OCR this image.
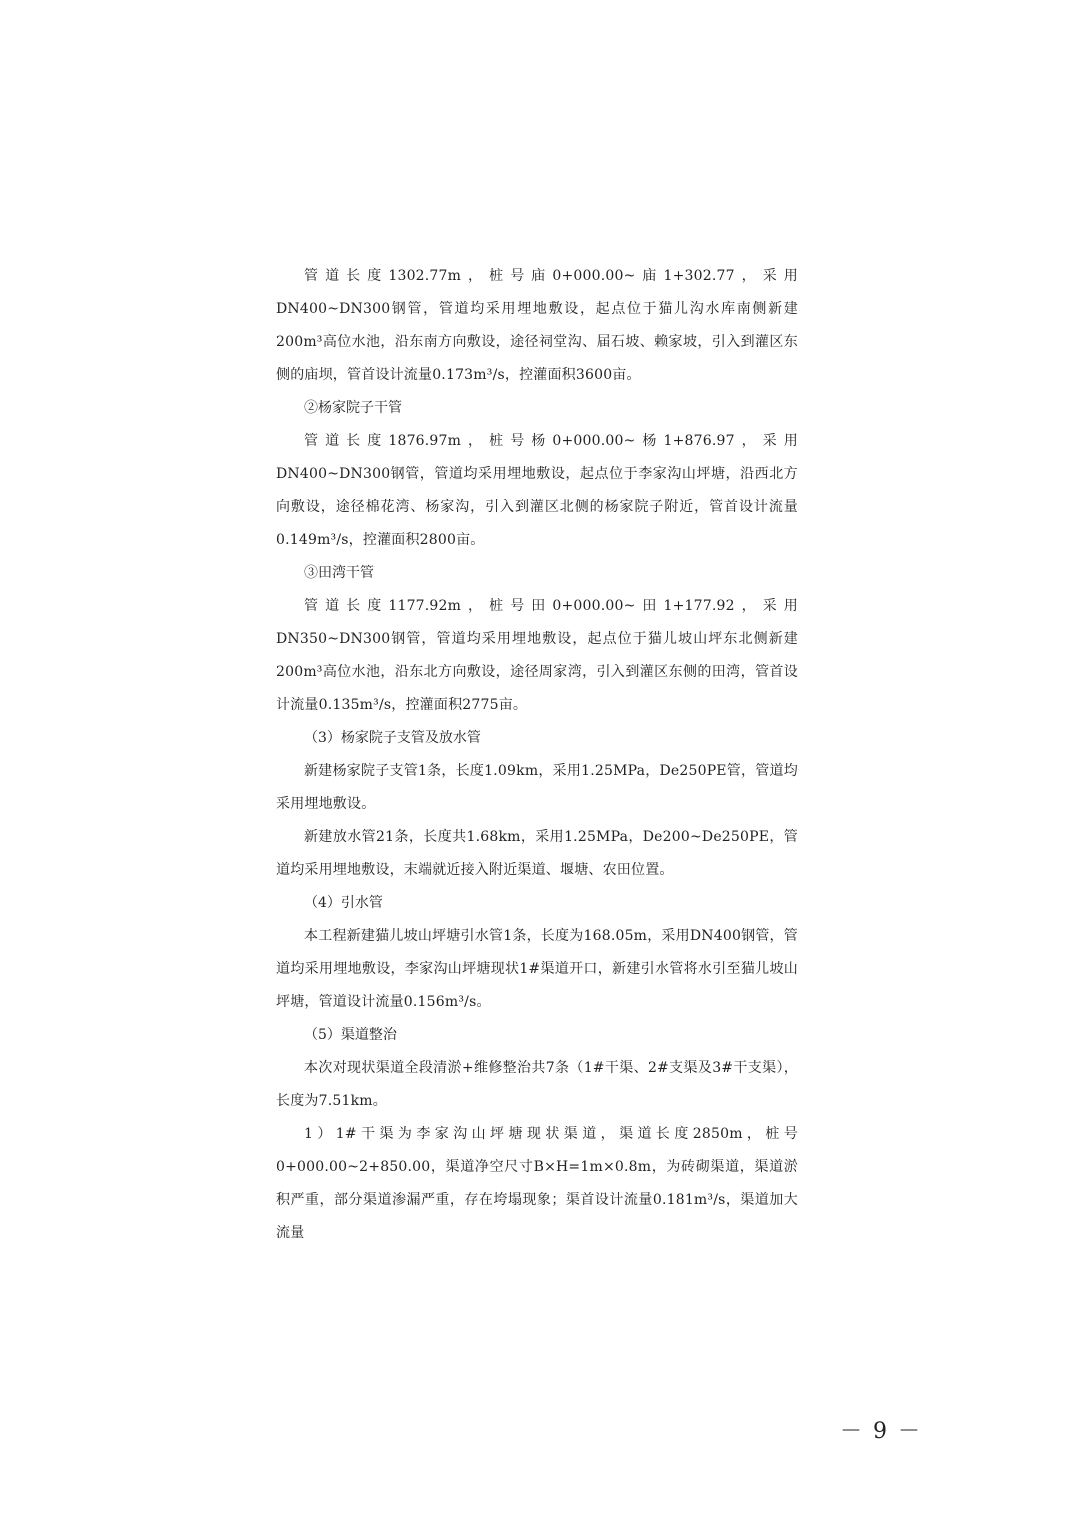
管道长度1302.77m，桩号庙0+000.00~庙1+302.77，采用DN400~DN300钢管，管道均采用埋地敷设，起点位于猫儿沟水库南侧新建200m³高位水池，沿东南方向敷设，途径祠堂沟、届石坡、赖家坡，引入到灌区东侧的庙坝，管首设计流量0.173m³/s，控灌面积3600亩。

②杨家院子干管

管道长度1876.97m，桩号杨0+000.00~杨1+876.97，采用DN400~DN300钢管，管道均采用埋地敷设，起点位于李家沟山坪塘，沿西北方向敷设，途径棉花湾、杨家沟，引入到灌区北侧的杨家院子附近，管首设计流量0.149m³/s，控灌面积2800亩。

③田湾干管

管道长度1177.92m，桩号田0+000.00~田1+177.92，采用DN350~DN300钢管，管道均采用埋地敷设，起点位于猫儿坡山坪东北侧新建200m³高位水池，沿东北方向敷设，途径周家湾，引入到灌区东侧的田湾，管首设计流量0.135m³/s，控灌面积2775亩。

（3）杨家院子支管及放水管

新建杨家院子支管1条，长度1.09km，采用1.25MPa，De250PE管，管道均采用埋地敷设。

新建放水管21条，长度共1.68km，采用1.25MPa，De200~De250PE，管道均采用埋地敷设，末端就近接入附近渠道、堰塘、农田位置。

（4）引水管

本工程新建猫儿坡山坪塘引水管1条，长度为168.05m，采用DN400钢管，管道均采用埋地敷设，李家沟山坪塘现状1#渠道开口，新建引水管将水引至猫儿坡山坪塘，管道设计流量0.156m³/s。

（5）渠道整治

本次对现状渠道全段清淤+维修整治共7条（1#干渠、2#支渠及3#干支渠），长度为7.51km。

1）1#干渠为李家沟山坪塘现状渠道，渠道长度2850m，桩号0+000.00~2+850.00，渠道净空尺寸B×H=1m×0.8m，为砖砌渠道，渠道淤积严重，部分渠道渗漏严重，存在垮塌现象；渠首设计流量0.181m³/s，渠道加大流量

－ 9 －
